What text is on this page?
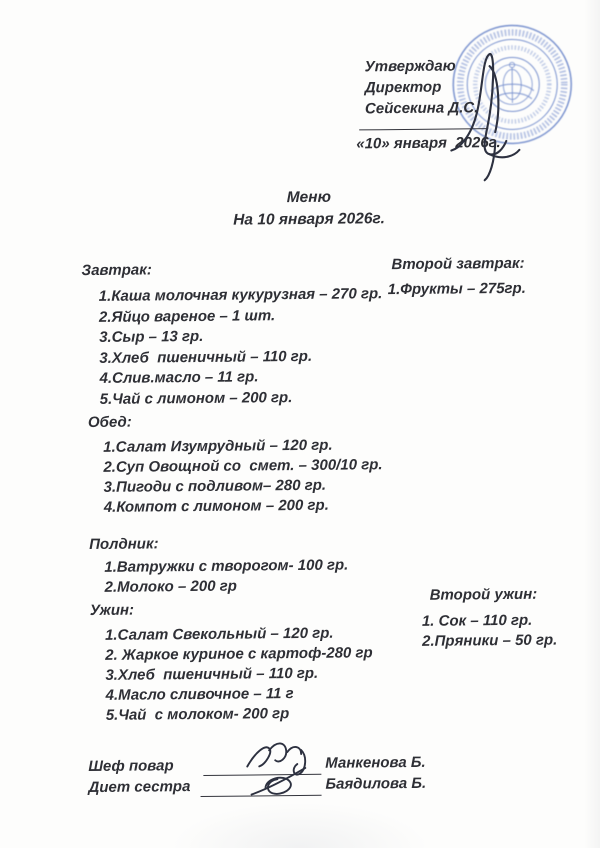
Утверждаю
Директор
Сейсекина Д.С.
«10» января  2026г.
Меню
На 10 января 2026г.
Завтрак:
1.Каша молочная кукурузная – 270 гр.
2.Яйцо вареное – 1 шт.
3.Сыр – 13 гр.
3.Хлеб  пшеничный – 110 гр.
4.Слив.масло – 11 гр.
5.Чай с лимоном – 200 гр.
Второй завтрак:
1.Фрукты – 275гр.
Обед:
1.Салат Изумрудный – 120 гр.
2.Суп Овощной со  смет. – 300/10 гр.
3.Пигоди с подливом– 280 гр.
4.Компот с лимоном – 200 гр.
Полдник:
1.Ватружки с творогом- 100 гр.
2.Молоко – 200 гр
Ужин:
1.Салат Свекольный – 120 гр.
2. Жаркое куриное с картоф-280 гр
3.Хлеб  пшеничный – 110 гр.
4.Масло сливочное – 11 г
5.Чай  с молоком- 200 гр
Второй ужин:
1. Сок – 110 гр.
2.Пряники – 50 гр.
Шеф повар	Манкенова Б.
Диет сестра	Баядилова Б.
